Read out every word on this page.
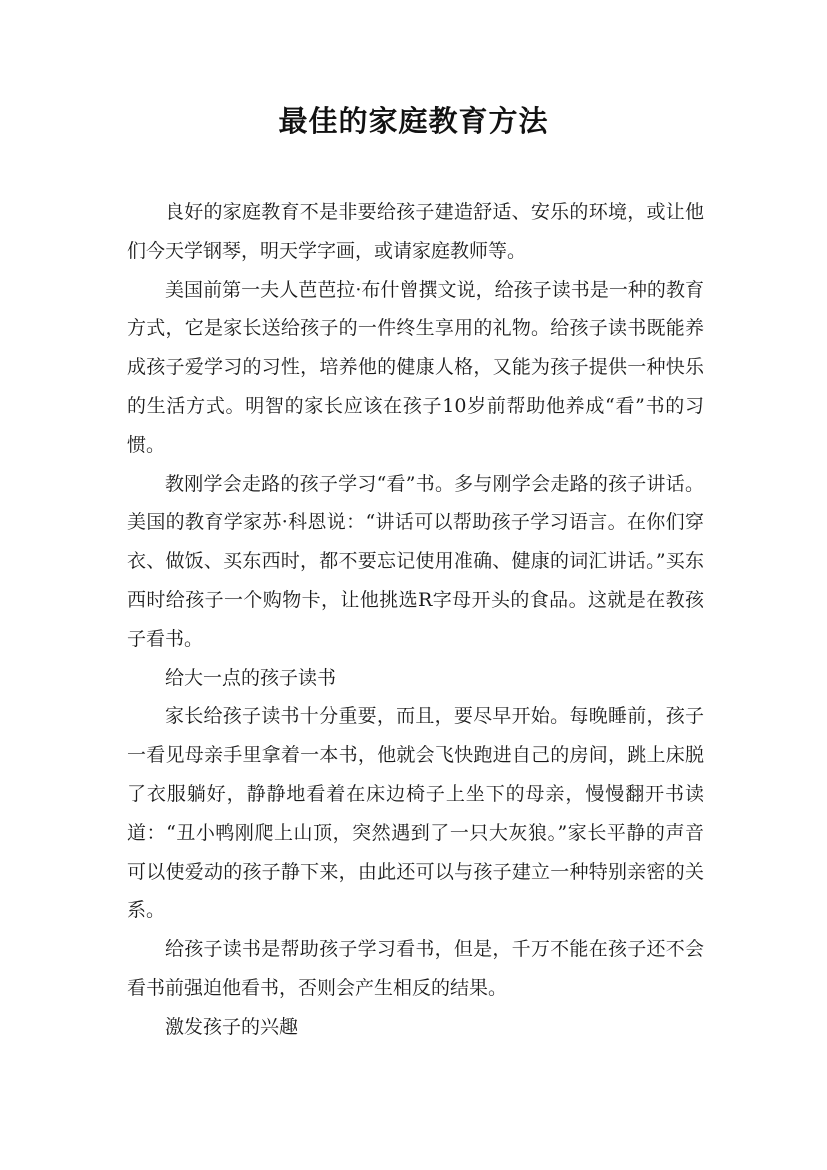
最佳的家庭教育方法

良好的家庭教育不是非要给孩子建造舒适、安乐的环境，或让他们今天学钢琴，明天学字画，或请家庭教师等。

美国前第一夫人芭芭拉·布什曾撰文说，给孩子读书是一种的教育方式，它是家长送给孩子的一件终生享用的礼物。给孩子读书既能养成孩子爱学习的习性，培养他的健康人格，又能为孩子提供一种快乐的生活方式。明智的家长应该在孩子10岁前帮助他养成“看”书的习惯。

教刚学会走路的孩子学习“看”书。多与刚学会走路的孩子讲话。美国的教育学家苏·科恩说：“讲话可以帮助孩子学习语言。在你们穿衣、做饭、买东西时，都不要忘记使用准确、健康的词汇讲话。”买东西时给孩子一个购物卡，让他挑选R字母开头的食品。这就是在教孩子看书。

给大一点的孩子读书

家长给孩子读书十分重要，而且，要尽早开始。每晚睡前，孩子一看见母亲手里拿着一本书，他就会飞快跑进自己的房间，跳上床脱了衣服躺好，静静地看着在床边椅子上坐下的母亲，慢慢翻开书读道：“丑小鸭刚爬上山顶，突然遇到了一只大灰狼。”家长平静的声音可以使爱动的孩子静下来，由此还可以与孩子建立一种特别亲密的关系。

给孩子读书是帮助孩子学习看书，但是，千万不能在孩子还不会看书前强迫他看书，否则会产生相反的结果。

激发孩子的兴趣
